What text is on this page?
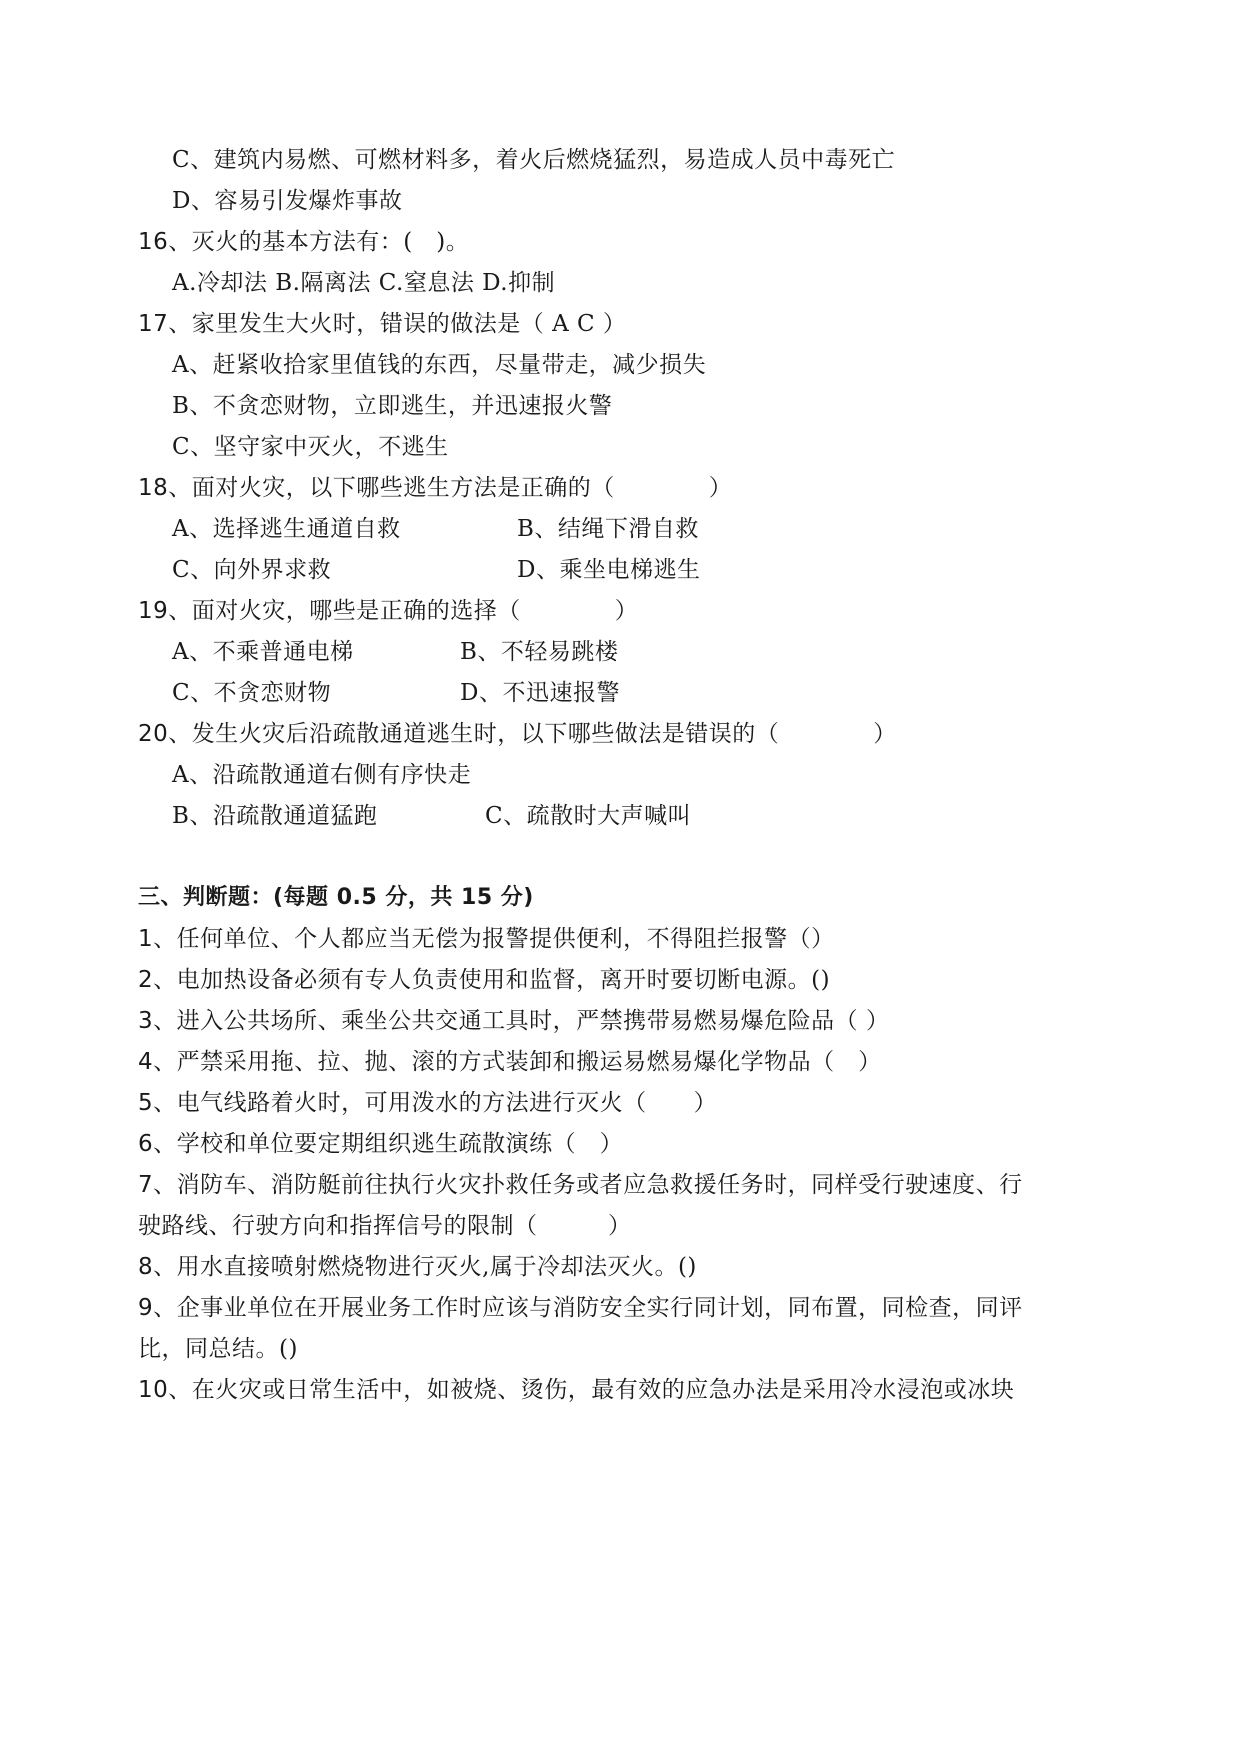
C、建筑内易燃、可燃材料多，着火后燃烧猛烈，易造成人员中毒死亡
D、容易引发爆炸事故
16、灭火的基本方法有：(　)。
A.冷却法 B.隔离法 C.窒息法 D.抑制
17、家里发生大火时，错误的做法是（ A C ）
A、赶紧收拾家里值钱的东西，尽量带走，减少损失
B、不贪恋财物，立即逃生，并迅速报火警
C、坚守家中灭火，不逃生
18、面对火灾，以下哪些逃生方法是正确的（　　　　）
A、选择逃生通道自救	B、结绳下滑自救
C、向外界求救	D、乘坐电梯逃生
19、面对火灾，哪些是正确的选择（　　　　）
A、不乘普通电梯	B、不轻易跳楼
C、不贪恋财物	D、不迅速报警
20、发生火灾后沿疏散通道逃生时，以下哪些做法是错误的（　　　　）
A、沿疏散通道右侧有序快走
B、沿疏散通道猛跑	C、疏散时大声喊叫
三、判断题：(每题 0.5 分，共 15 分)
1、任何单位、个人都应当无偿为报警提供便利，不得阻拦报警（）
2、电加热设备必须有专人负责使用和监督，离开时要切断电源。()
3、进入公共场所、乘坐公共交通工具时，严禁携带易燃易爆危险品（ ）
4、严禁采用拖、拉、抛、滚的方式装卸和搬运易燃易爆化学物品（　）
5、电气线路着火时，可用泼水的方法进行灭火（　　）
6、学校和单位要定期组织逃生疏散演练（　）
7、消防车、消防艇前往执行火灾扑救任务或者应急救援任务时，同样受行驶速度、行
驶路线、行驶方向和指挥信号的限制（　　　）
8、用水直接喷射燃烧物进行灭火,属于冷却法灭火。()
9、企事业单位在开展业务工作时应该与消防安全实行同计划，同布置，同检查，同评
比，同总结。()
10、在火灾或日常生活中，如被烧、烫伤，最有效的应急办法是采用冷水浸泡或冰块
